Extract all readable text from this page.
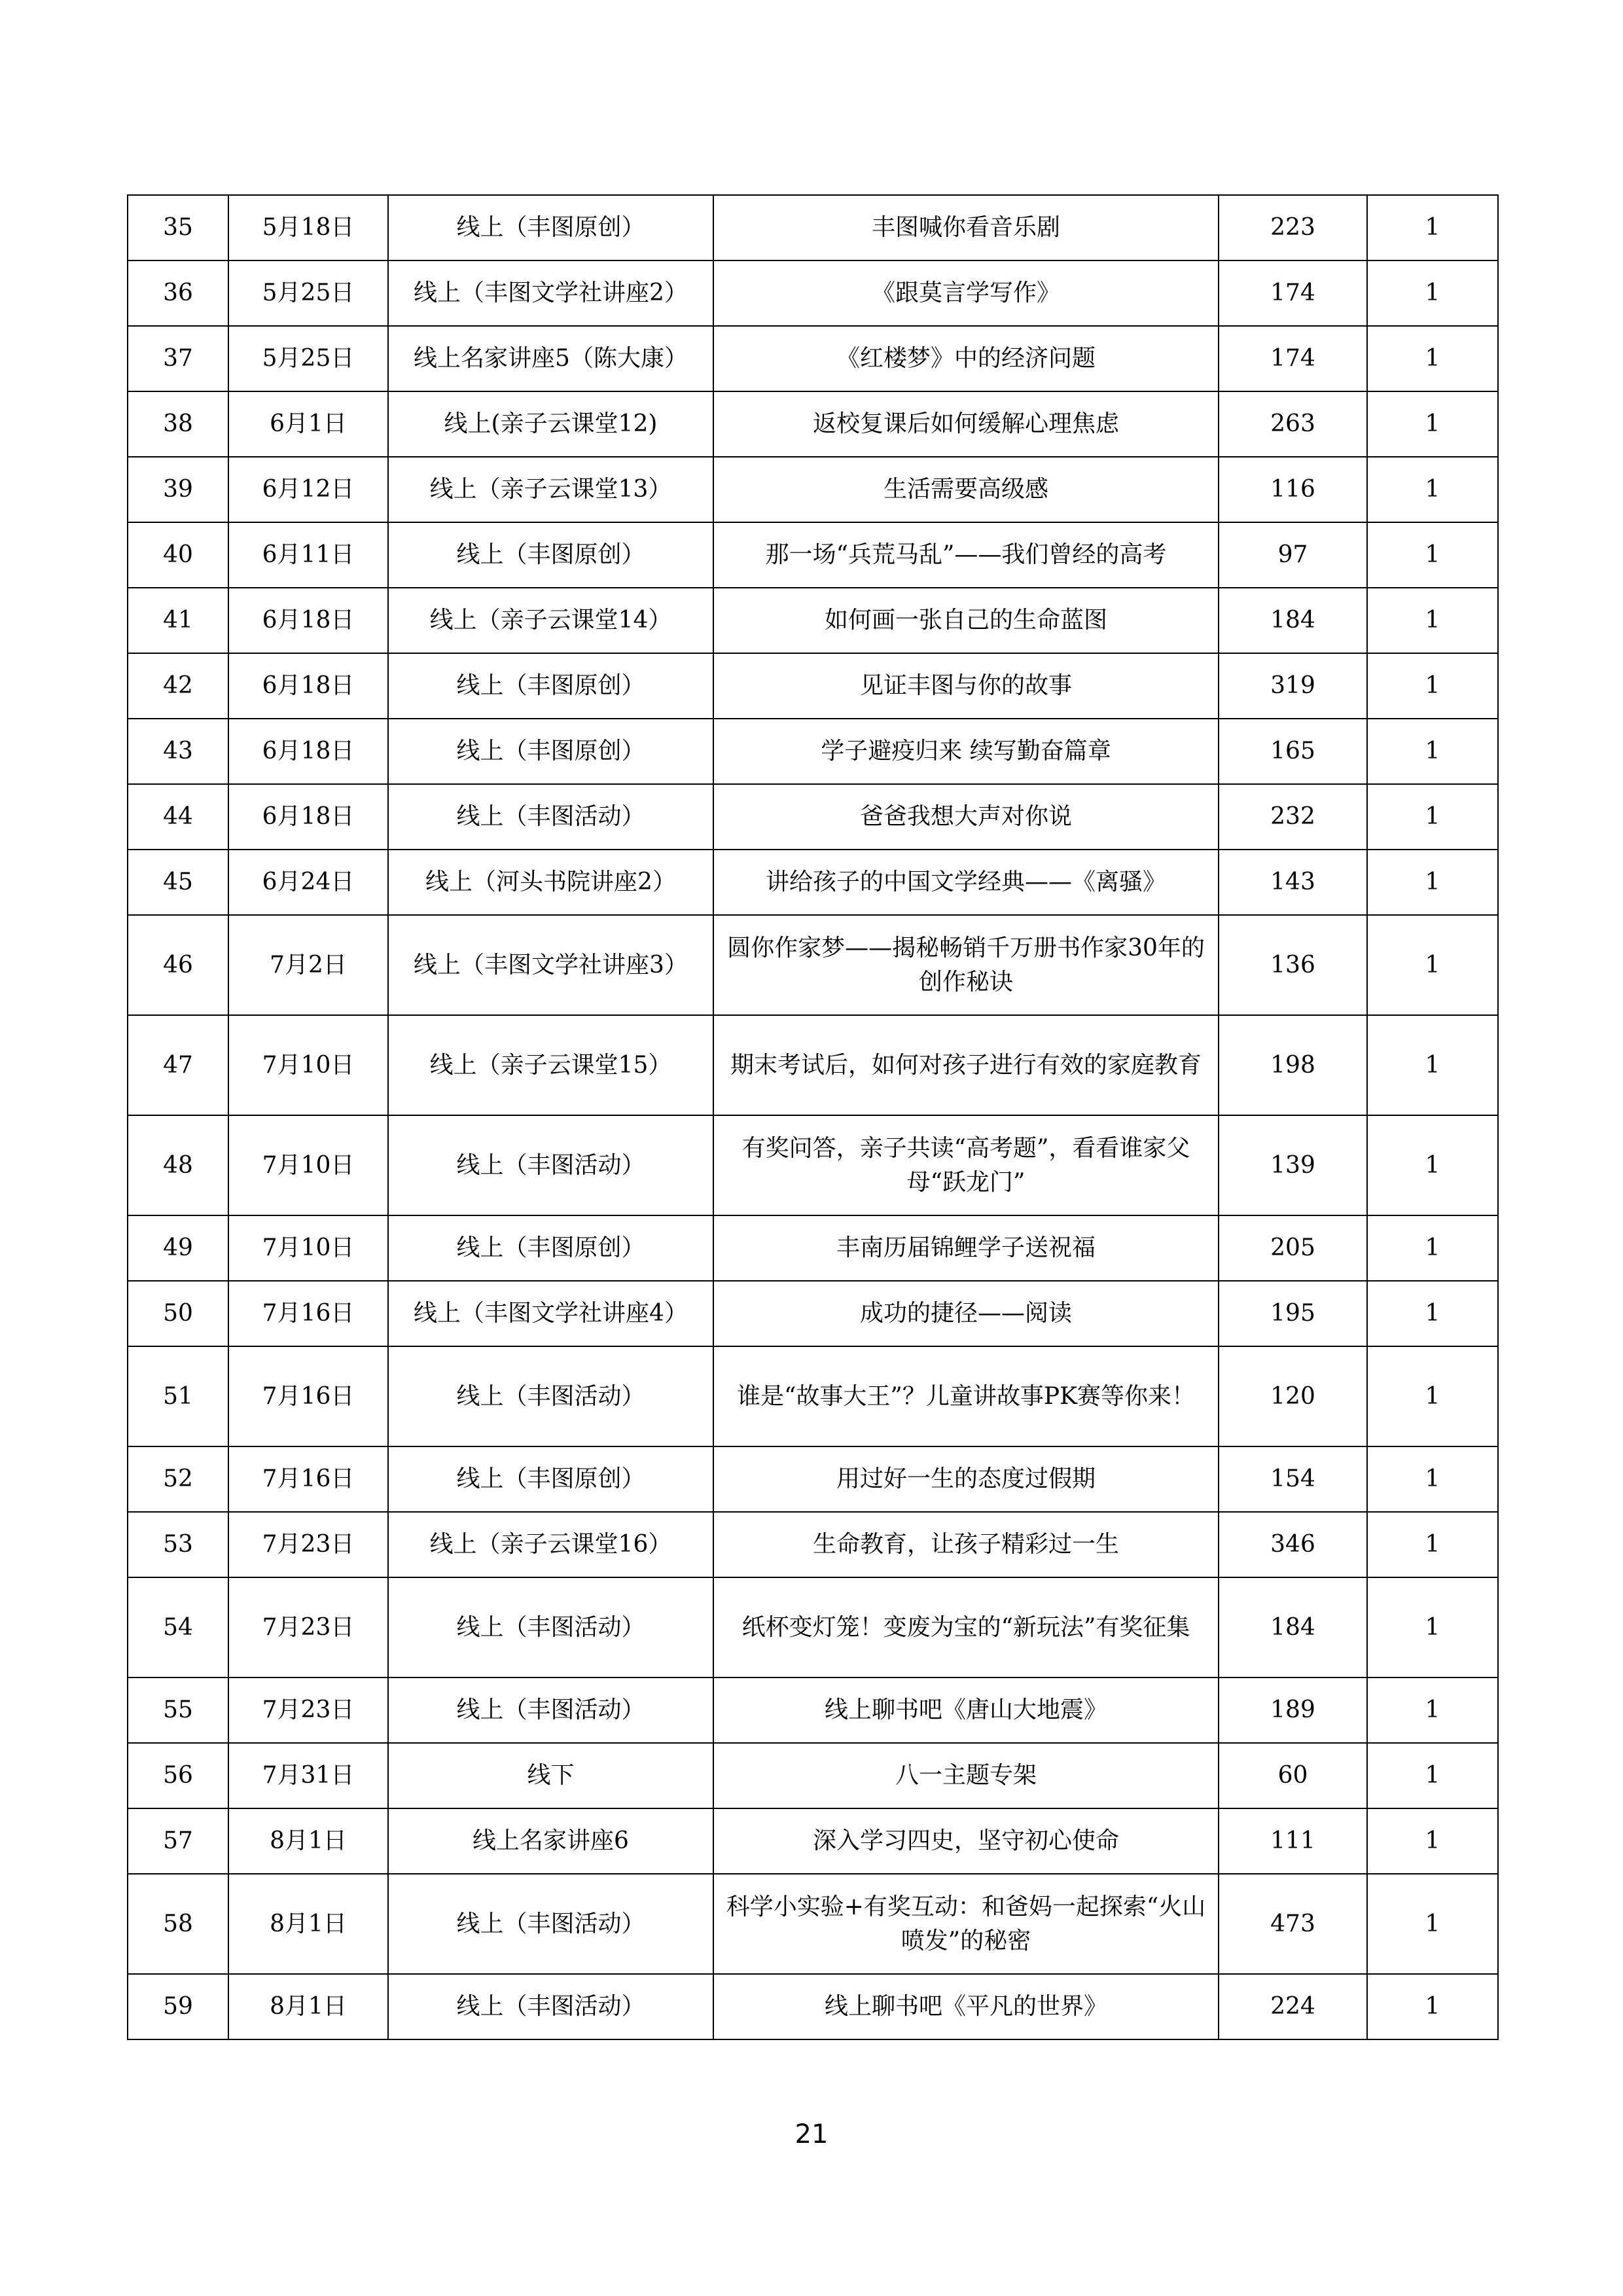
35	5月18日	线上（丰图原创）	丰图喊你看音乐剧	223	1
36	5月25日	线上（丰图文学社讲座2）	《跟莫言学写作》	174	1
37	5月25日	线上名家讲座5（陈大康）	《红楼梦》中的经济问题	174	1
38	6月1日	线上(亲子云课堂12)	返校复课后如何缓解心理焦虑	263	1
39	6月12日	线上（亲子云课堂13）	生活需要高级感	116	1
40	6月11日	线上（丰图原创）	那一场“兵荒马乱”——我们曾经的高考	97	1
41	6月18日	线上（亲子云课堂14）	如何画一张自己的生命蓝图	184	1
42	6月18日	线上（丰图原创）	见证丰图与你的故事	319	1
43	6月18日	线上（丰图原创）	学子避疫归来 续写勤奋篇章	165	1
44	6月18日	线上（丰图活动）	爸爸我想大声对你说	232	1
45	6月24日	线上（河头书院讲座2）	讲给孩子的中国文学经典——《离骚》	143	1
46	7月2日	线上（丰图文学社讲座3）	圆你作家梦——揭秘畅销千万册书作家30年的创作秘诀	136	1
47	7月10日	线上（亲子云课堂15）	期末考试后，如何对孩子进行有效的家庭教育	198	1
48	7月10日	线上（丰图活动）	有奖问答，亲子共读“高考题”，看看谁家父母“跃龙门”	139	1
49	7月10日	线上（丰图原创）	丰南历届锦鲤学子送祝福	205	1
50	7月16日	线上（丰图文学社讲座4）	成功的捷径——阅读	195	1
51	7月16日	线上（丰图活动）	谁是“故事大王”？儿童讲故事PK赛等你来！	120	1
52	7月16日	线上（丰图原创）	用过好一生的态度过假期	154	1
53	7月23日	线上（亲子云课堂16）	生命教育，让孩子精彩过一生	346	1
54	7月23日	线上（丰图活动）	纸杯变灯笼！变废为宝的“新玩法”有奖征集	184	1
55	7月23日	线上（丰图活动）	线上聊书吧《唐山大地震》	189	1
56	7月31日	线下	八一主题专架	60	1
57	8月1日	线上名家讲座6	深入学习四史，坚守初心使命	111	1
58	8月1日	线上（丰图活动）	科学小实验+有奖互动：和爸妈一起探索“火山喷发”的秘密	473	1
59	8月1日	线上（丰图活动）	线上聊书吧《平凡的世界》	224	1
21
